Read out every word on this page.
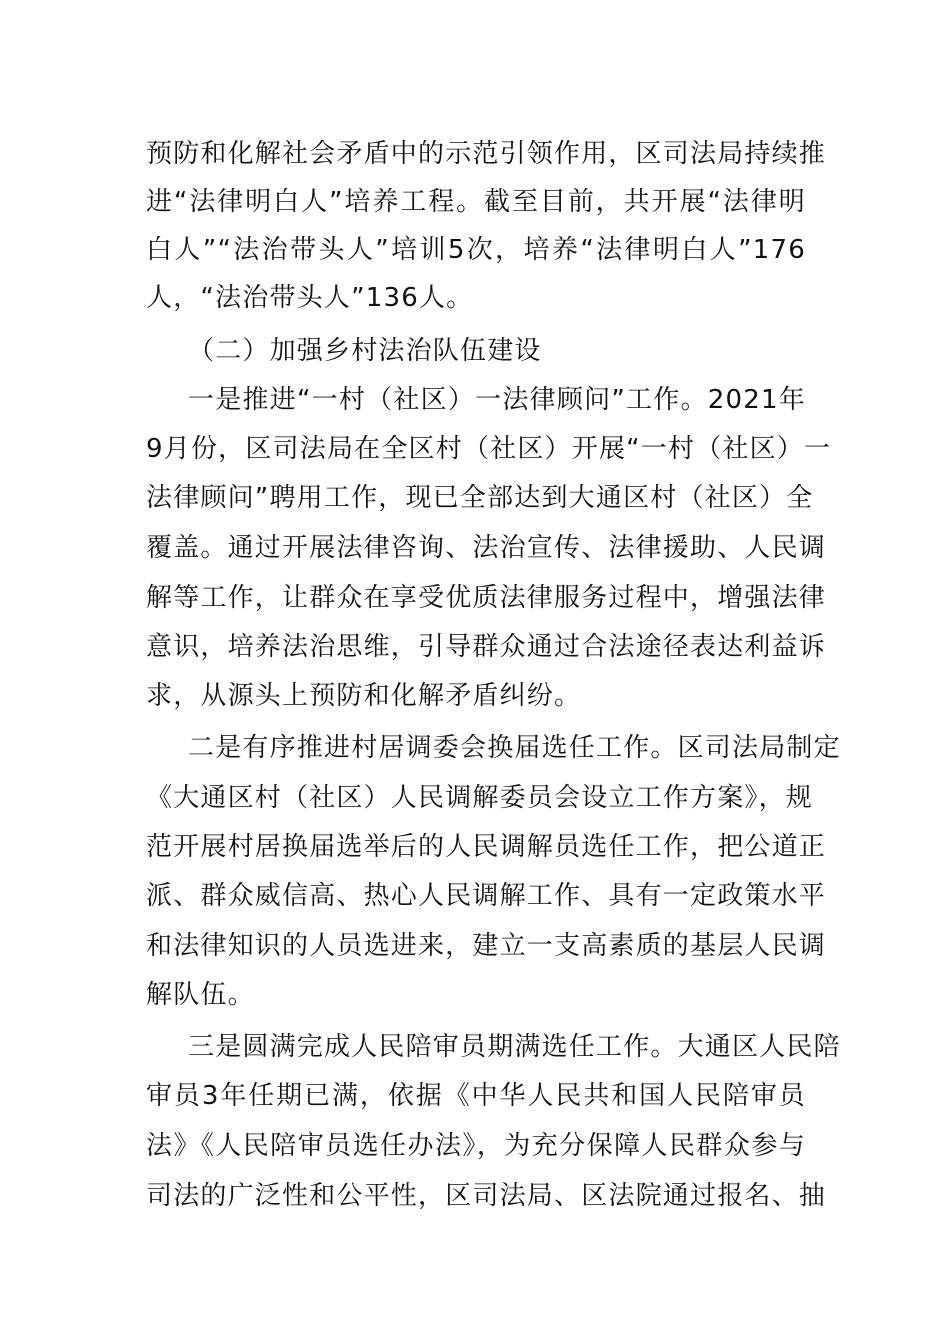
预防和化解社会矛盾中的示范引领作用，区司法局持续推
进“法律明白人”培养工程。截至目前，共开展“法律明
白人”“法治带头人”培训5次，培养“法律明白人”176
人，“法治带头人”136人。
（二）加强乡村法治队伍建设
一是推进“一村（社区）一法律顾问”工作。2021年
9月份，区司法局在全区村（社区）开展“一村（社区）一
法律顾问”聘用工作，现已全部达到大通区村（社区）全
覆盖。通过开展法律咨询、法治宣传、法律援助、人民调
解等工作，让群众在享受优质法律服务过程中，增强法律
意识，培养法治思维，引导群众通过合法途径表达利益诉
求，从源头上预防和化解矛盾纠纷。
二是有序推进村居调委会换届选任工作。区司法局制定
《大通区村（社区）人民调解委员会设立工作方案》，规
范开展村居换届选举后的人民调解员选任工作，把公道正
派、群众威信高、热心人民调解工作、具有一定政策水平
和法律知识的人员选进来，建立一支高素质的基层人民调
解队伍。
三是圆满完成人民陪审员期满选任工作。大通区人民陪
审员3年任期已满，依据《中华人民共和国人民陪审员
法》《人民陪审员选任办法》，为充分保障人民群众参与
司法的广泛性和公平性，区司法局、区法院通过报名、抽
